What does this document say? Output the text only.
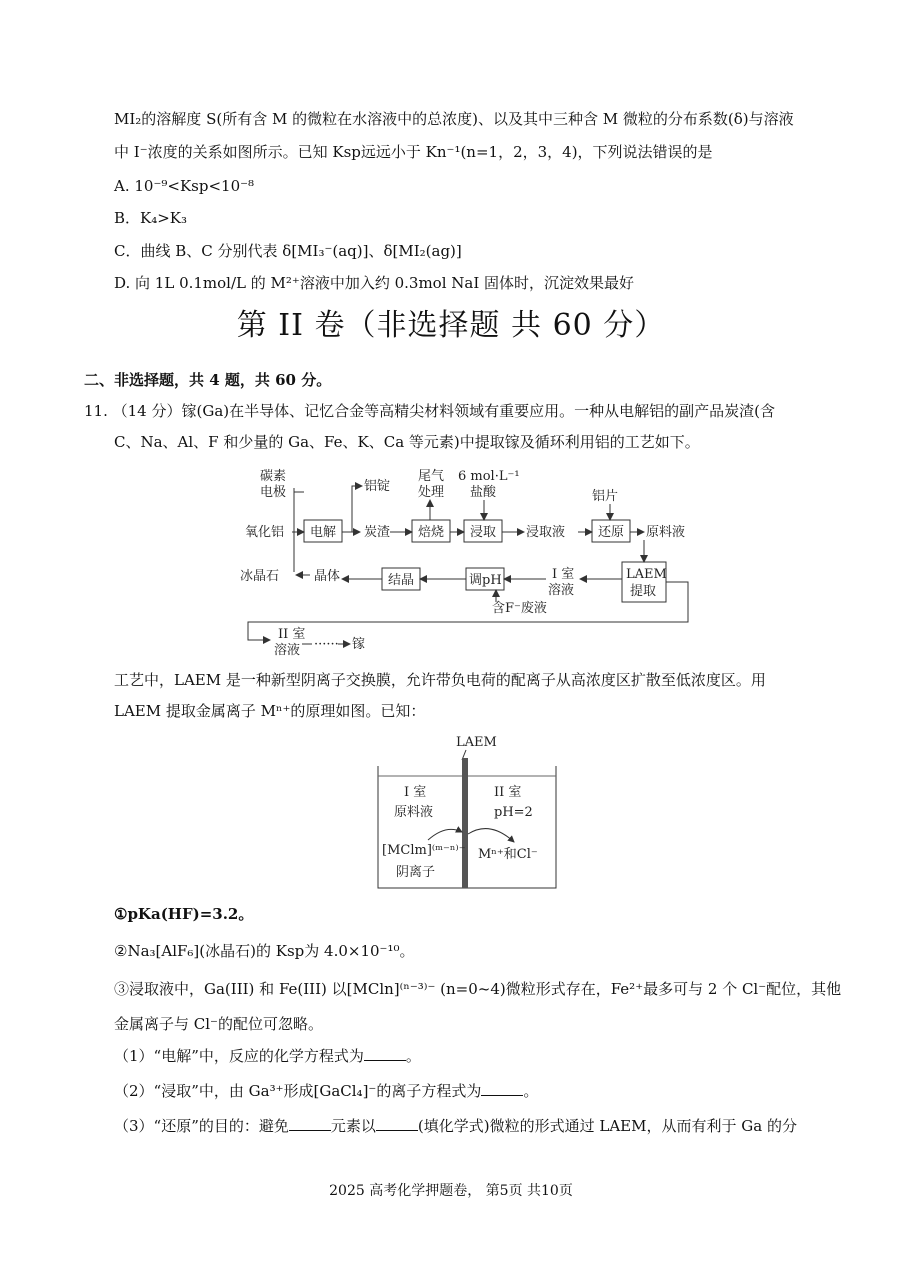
MI₂的溶解度 S(所有含 M 的微粒在水溶液中的总浓度)、以及其中三种含 M 微粒的分布系数(δ)与溶液
中 I⁻浓度的关系如图所示。已知 Ksp远远小于 Kn⁻¹(n=1，2，3，4)，下列说法错误的是
A. 10⁻⁹<Ksp<10⁻⁸
B．K₄>K₃
C．曲线 B、C 分别代表 δ[MI₃⁻(aq)]、δ[MI₂(ag)]
D. 向 1L 0.1mol/L 的 M²⁺溶液中加入约 0.3mol NaI 固体时，沉淀效果最好
第 II 卷（非选择题 共 60 分）
二、非选择题，共 4 题，共 60 分。
11. （14 分）镓(Ga)在半导体、记忆合金等高精尖材料领域有重要应用。一种从电解铝的副产品炭渣(含
C、Na、Al、F 和少量的 Ga、Fe、K、Ca 等元素)中提取镓及循环利用铝的工艺如下。
碳素
电极
氧化铝
冰晶石
铝锭
炭渣
尾气
处理
6 mol·L⁻¹
盐酸
浸取液
铝片
原料液
I 室
溶液
含F⁻废液
晶体
II 室
溶液 ······ 镓
电解	焙烧 浸取	还原
LAEM
提取
调pH
结晶
工艺中，LAEM 是一种新型阴离子交换膜，允许带负电荷的配离子从高浓度区扩散至低浓度区。用
LAEM 提取金属离子 Mⁿ⁺的原理如图。已知：
LAEM
I 室
原料液
[MClm]⁽ᵐ⁻ⁿ⁾⁻
阴离子
II 室
pH=2
Mⁿ⁺和Cl⁻
①pKa(HF)=3.2。
②Na₃[AlF₆](冰晶石)的 Ksp为 4.0×10⁻¹⁰。
③浸取液中，Ga(III) 和 Fe(III) 以[MCln]⁽ⁿ⁻³⁾⁻ (n=0~4)微粒形式存在，Fe²⁺最多可与 2 个 Cl⁻配位，其他
金属离子与 Cl⁻的配位可忽略。
（1）“电解”中，反应的化学方程式为	。
（2）“浸取”中，由 Ga³⁺形成[GaCl₄]⁻的离子方程式为	。
（3）“还原”的目的：避免	元素以	(填化学式)微粒的形式通过 LAEM，从而有利于 Ga 的分
2025 高考化学押题卷， 第5页 共10页
